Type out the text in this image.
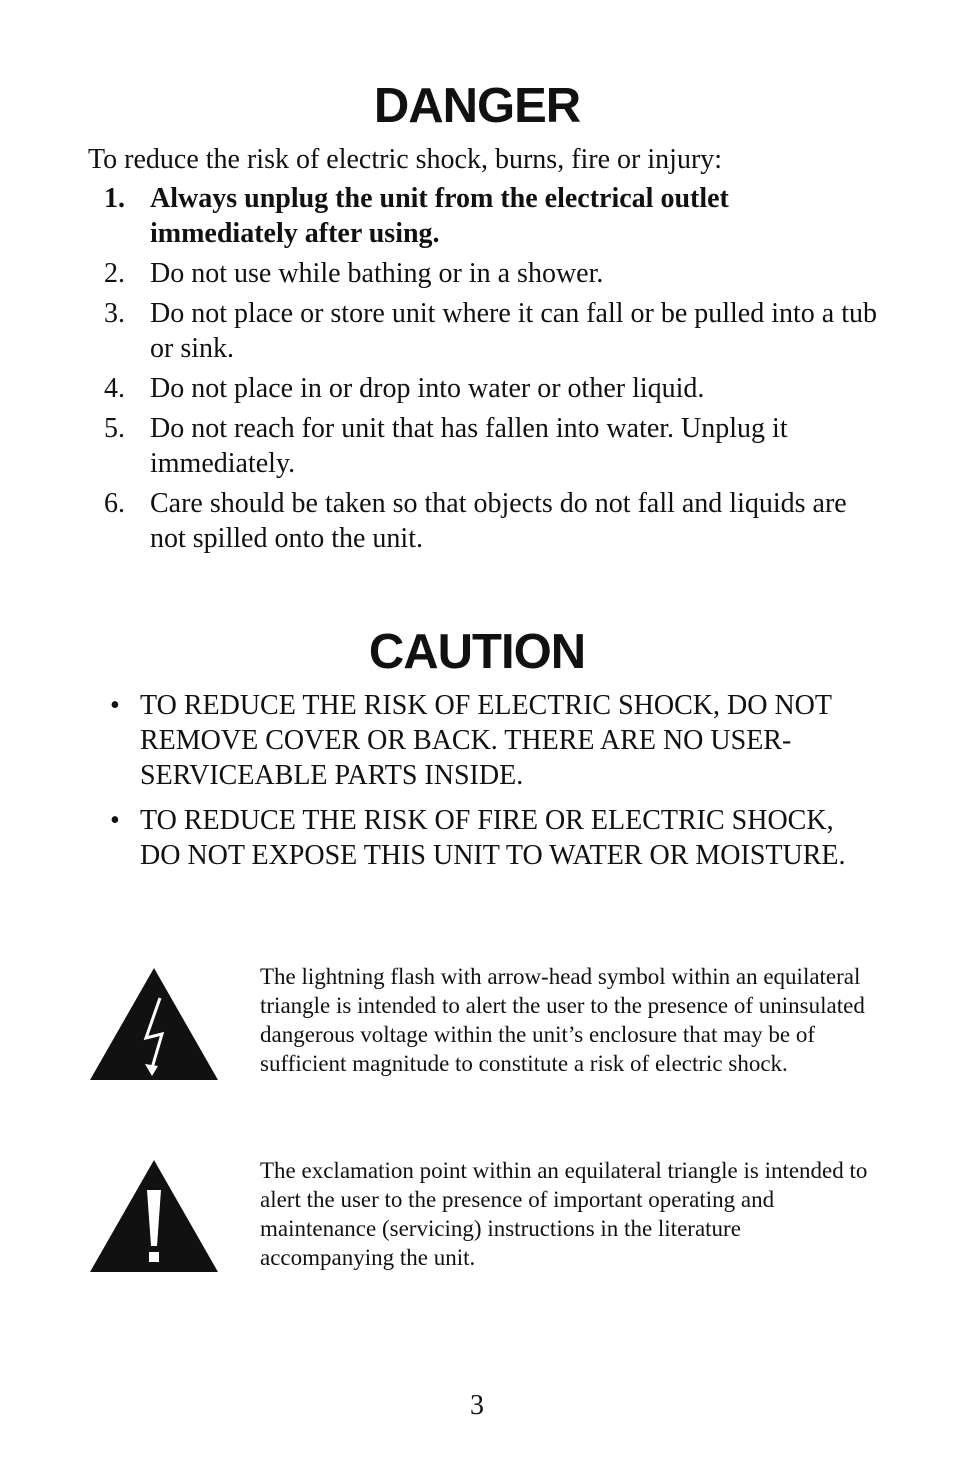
DANGER
To reduce the risk of electric shock, burns, fire or injury:
1. Always unplug the unit from the electrical outlet immediately after using.
2. Do not use while bathing or in a shower.
3. Do not place or store unit where it can fall or be pulled into a tub or sink.
4. Do not place in or drop into water or other liquid.
5. Do not reach for unit that has fallen into water. Unplug it immediately.
6. Care should be taken so that objects do not fall and liquids are not spilled onto the unit.
CAUTION
• TO REDUCE THE RISK OF ELECTRIC SHOCK, DO NOT REMOVE COVER OR BACK. THERE ARE NO USER-SERVICEABLE PARTS INSIDE.
• TO REDUCE THE RISK OF FIRE OR ELECTRIC SHOCK, DO NOT EXPOSE THIS UNIT TO WATER OR MOISTURE.
The lightning flash with arrow-head symbol within an equilateral triangle is intended to alert the user to the presence of uninsulated dangerous voltage within the unit’s enclosure that may be of sufficient magnitude to constitute a risk of electric shock.
The exclamation point within an equilateral triangle is intended to alert the user to the presence of important operating and maintenance (servicing) instructions in the literature accompanying the unit.
3
